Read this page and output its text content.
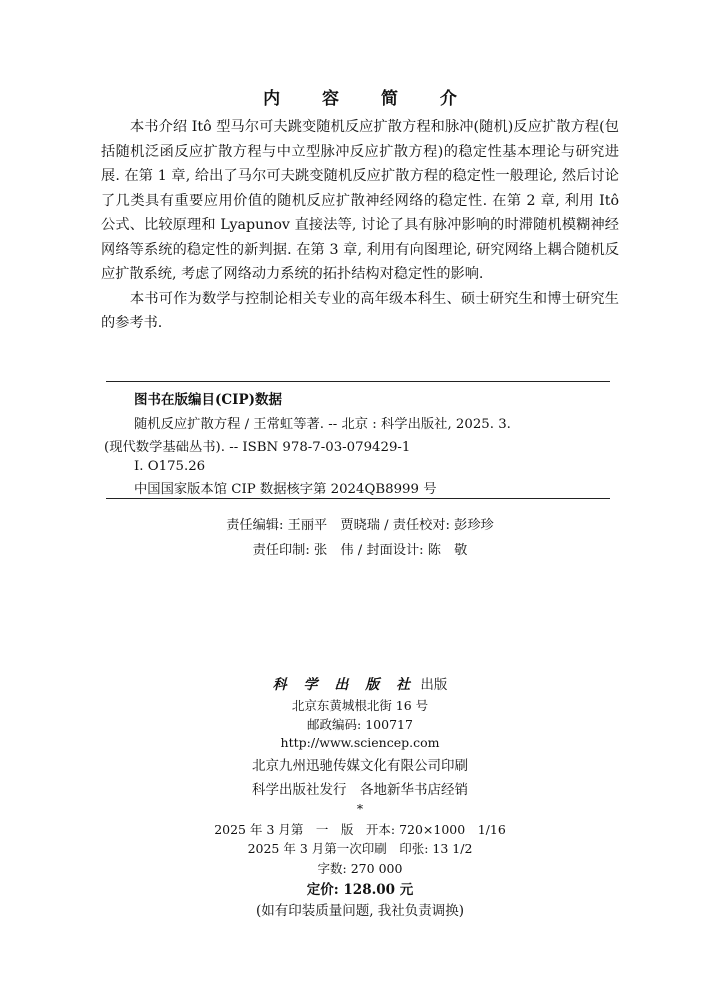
内 容 简 介

本书介绍 Itô 型马尔可夫跳变随机反应扩散方程和脉冲(随机)反应扩散方程(包括随机泛函反应扩散方程与中立型脉冲反应扩散方程)的稳定性基本理论与研究进展. 在第 1 章, 给出了马尔可夫跳变随机反应扩散方程的稳定性一般理论, 然后讨论了几类具有重要应用价值的随机反应扩散神经网络的稳定性. 在第 2 章, 利用 Itô 公式、比较原理和 Lyapunov 直接法等, 讨论了具有脉冲影响的时滞随机模糊神经网络等系统的稳定性的新判据. 在第 3 章, 利用有向图理论, 研究网络上耦合随机反应扩散系统, 考虑了网络动力系统的拓扑结构对稳定性的影响.

本书可作为数学与控制论相关专业的高年级本科生、硕士研究生和博士研究生的参考书.

图书在版编目(CIP)数据
随机反应扩散方程 / 王常虹等著. -- 北京 : 科学出版社, 2025. 3.
(现代数学基础丛书). -- ISBN 978-7-03-079429-1
I. O175.26
中国国家版本馆 CIP 数据核字第 2024QB8999 号
责任编辑: 王丽平　贾晓瑞 / 责任校对: 彭珍珍
责任印制: 张　伟 / 封面设计: 陈　敬
科 学 出 版 社 出版
北京东黄城根北街 16 号
邮政编码: 100717
http://www.sciencep.com
北京九州迅驰传媒文化有限公司印刷
科学出版社发行　各地新华书店经销
*
2025 年 3 月第　一　版　开本: 720×1000　1/16
2025 年 3 月第一次印刷　印张: 13 1/2
字数: 270 000
定价: 128.00 元
(如有印装质量问题, 我社负责调换)
